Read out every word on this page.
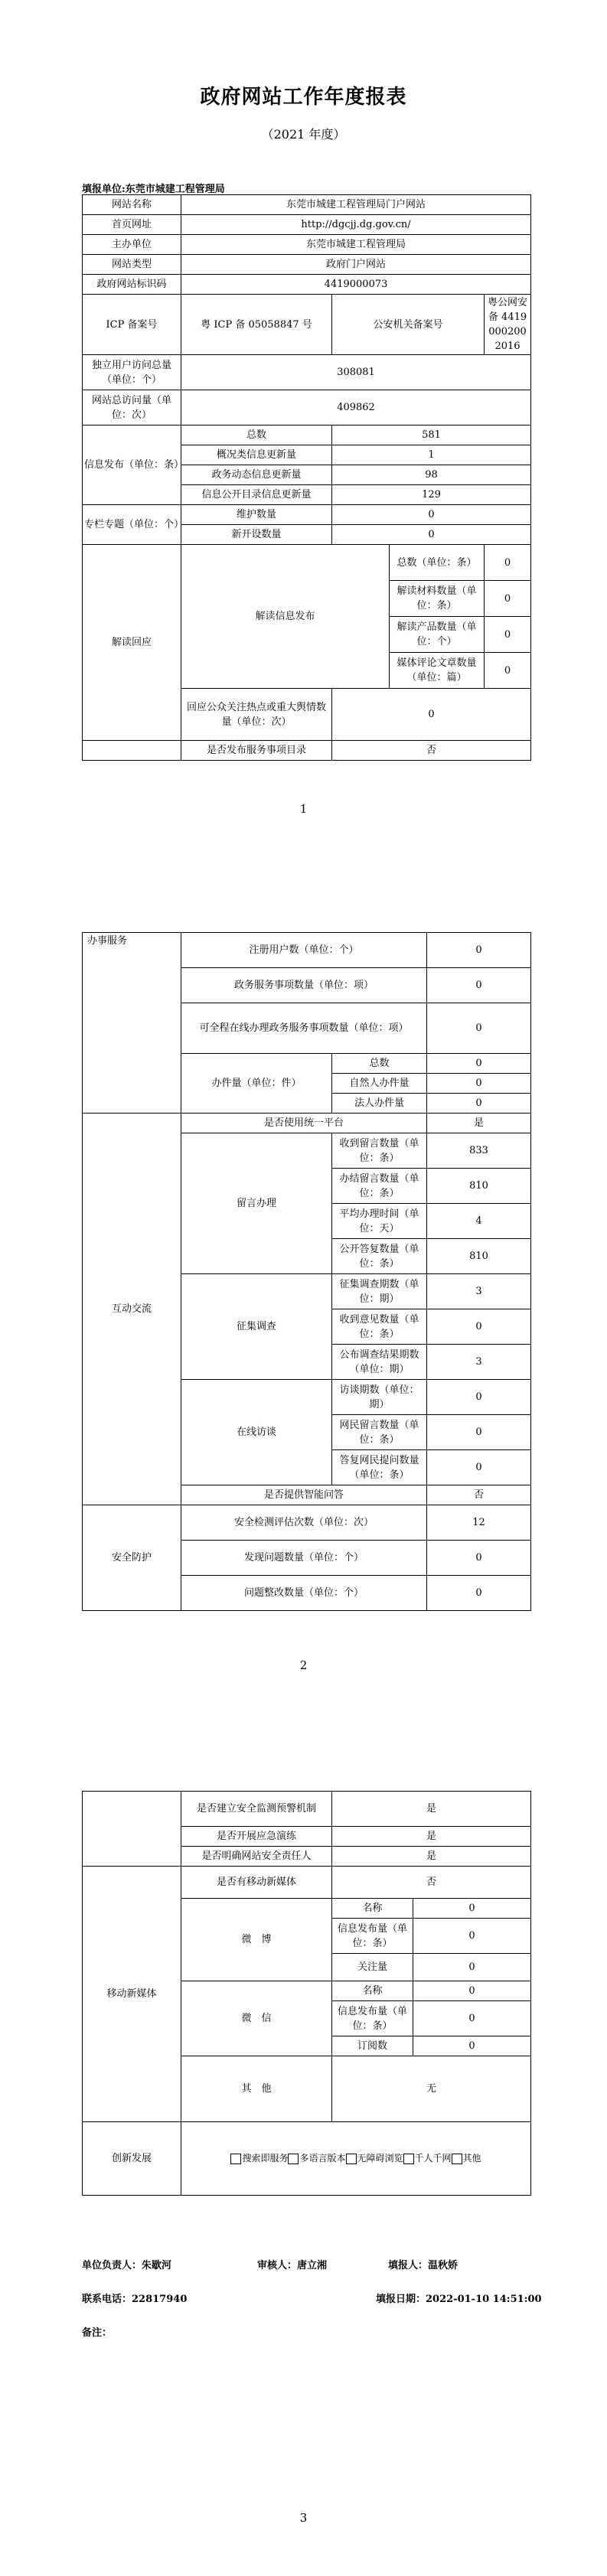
政府网站工作年度报表
（2021 年度）
填报单位:东莞市城建工程管理局
网站名称	东莞市城建工程管理局门户网站			
首页网址	http://dgcjj.dg.gov.cn/			
主办单位	东莞市城建工程管理局			
网站类型	政府门户网站			
政府网站标识码	4419000073			
ICP 备案号	粤 ICP 备 05058847 号	公安机关备案号		粤公网安备 44190002002016
独立用户访问总量（单位：个）	308081			
网站总访问量（单位：次）	409862			
信息发布（单位：条）	总数	581		
	概况类信息更新量	1		
	政务动态信息更新量	98		
	信息公开目录信息更新量	129		
专栏专题（单位：个）	维护数量	0		
	新开设数量	0		
解读回应	解读信息发布		总数（单位：条）	0
			解读材料数量（单位：条）	0
			解读产品数量（单位：个）	0
			媒体评论文章数量（单位：篇）	0
	回应公众关注热点或重大舆情数量（单位：次）	0		
	是否发布服务事项目录	否		
1
办事服务	注册用户数（单位：个）		0
	政务服务事项数量（单位：项）		0
	可全程在线办理政务服务事项数量（单位：项）		0
	办件量（单位：件）	总数	0
		自然人办件量	0
		法人办件量	0
互动交流	是否使用统一平台		是
	留言办理	收到留言数量（单位：条）	833
		办结留言数量（单位：条）	810
		平均办理时间（单位：天）	4
		公开答复数量（单位：条）	810
	征集调查	征集调查期数（单位：期）	3
		收到意见数量（单位：条）	0
		公布调查结果期数（单位：期）	3
	在线访谈	访谈期数（单位：期）	0
		网民留言数量（单位：条）	0
		答复网民提问数量（单位：条）	0
	是否提供智能问答		否
安全防护	安全检测评估次数（单位：次）		12
	发现问题数量（单位：个）		0
	问题整改数量（单位：个）		0
2
	是否建立安全监测预警机制	是	
	是否开展应急演练	是	
	是否明确网站安全责任人	是	
移动新媒体	是否有移动新媒体	否	
	微　博	名称	0
		信息发布量（单位：条）	0
		关注量	0
	微　信	名称	0
		信息发布量（单位：条）	0
		订阅数	0
	其　他	无	
创新发展	搜索即服务 多语言版本 无障碍浏览 千人千网 其他		
单位负责人：朱歇河	审核人：唐立湘	填报人：温秋娇
联系电话：22817940	填报日期：2022-01-10 14:51:00
备注：
3
